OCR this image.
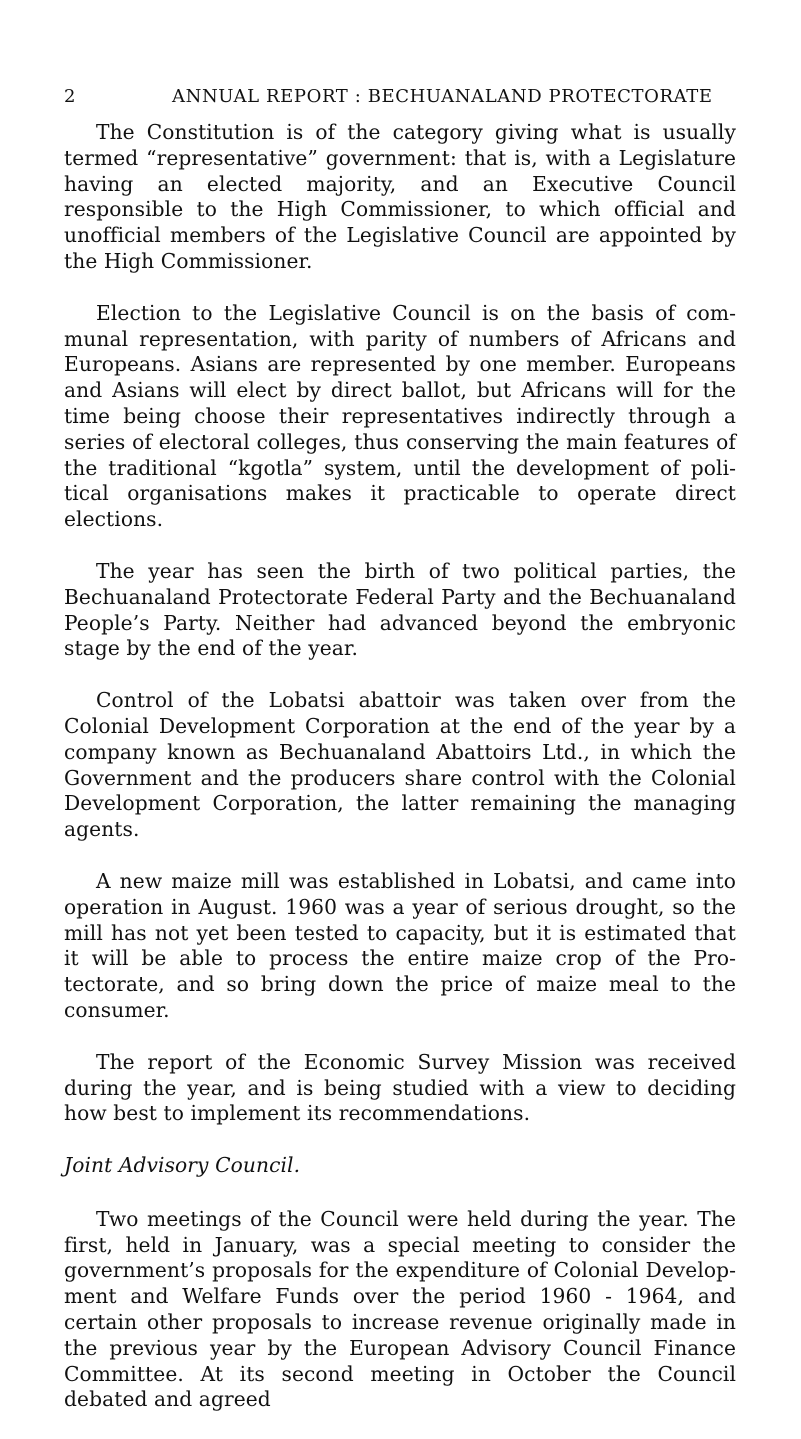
2	ANNUAL REPORT : BECHUANALAND PROTECTORATE

The Constitution is of the category giving what is usually termed “representative” government: that is, with a Legislature having an elected majority, and an Executive Council responsible to the High Commissioner, to which official and unofficial members of the Legislative Council are appointed by the High Commissioner.

Election to the Legislative Council is on the basis of communal representation, with parity of numbers of Africans and Europeans. Asians are represented by one member. Europeans and Asians will elect by direct ballot, but Africans will for the time being choose their representatives indirectly through a series of electoral colleges, thus conserving the main features of the traditional “kgotla” system, until the development of political organisations makes it practicable to operate direct elections.

The year has seen the birth of two political parties, the Bechuanaland Protectorate Federal Party and the Bechuanaland People’s Party. Neither had advanced beyond the embryonic stage by the end of the year.

Control of the Lobatsi abattoir was taken over from the Colonial Development Corporation at the end of the year by a company known as Bechuanaland Abattoirs Ltd., in which the Government and the producers share control with the Colonial Development Corporation, the latter remaining the managing agents.

A new maize mill was established in Lobatsi, and came into operation in August. 1960 was a year of serious drought, so the mill has not yet been tested to capacity, but it is estimated that it will be able to process the entire maize crop of the Protectorate, and so bring down the price of maize meal to the consumer.

The report of the Economic Survey Mission was received during the year, and is being studied with a view to deciding how best to implement its recommendations.

Joint Advisory Council.

Two meetings of the Council were held during the year. The first, held in January, was a special meeting to consider the government’s proposals for the expenditure of Colonial Development and Welfare Funds over the period 1960 - 1964, and certain other proposals to increase revenue originally made in the previous year by the European Advisory Council Finance Committee. At its second meeting in October the Council debated and agreed
